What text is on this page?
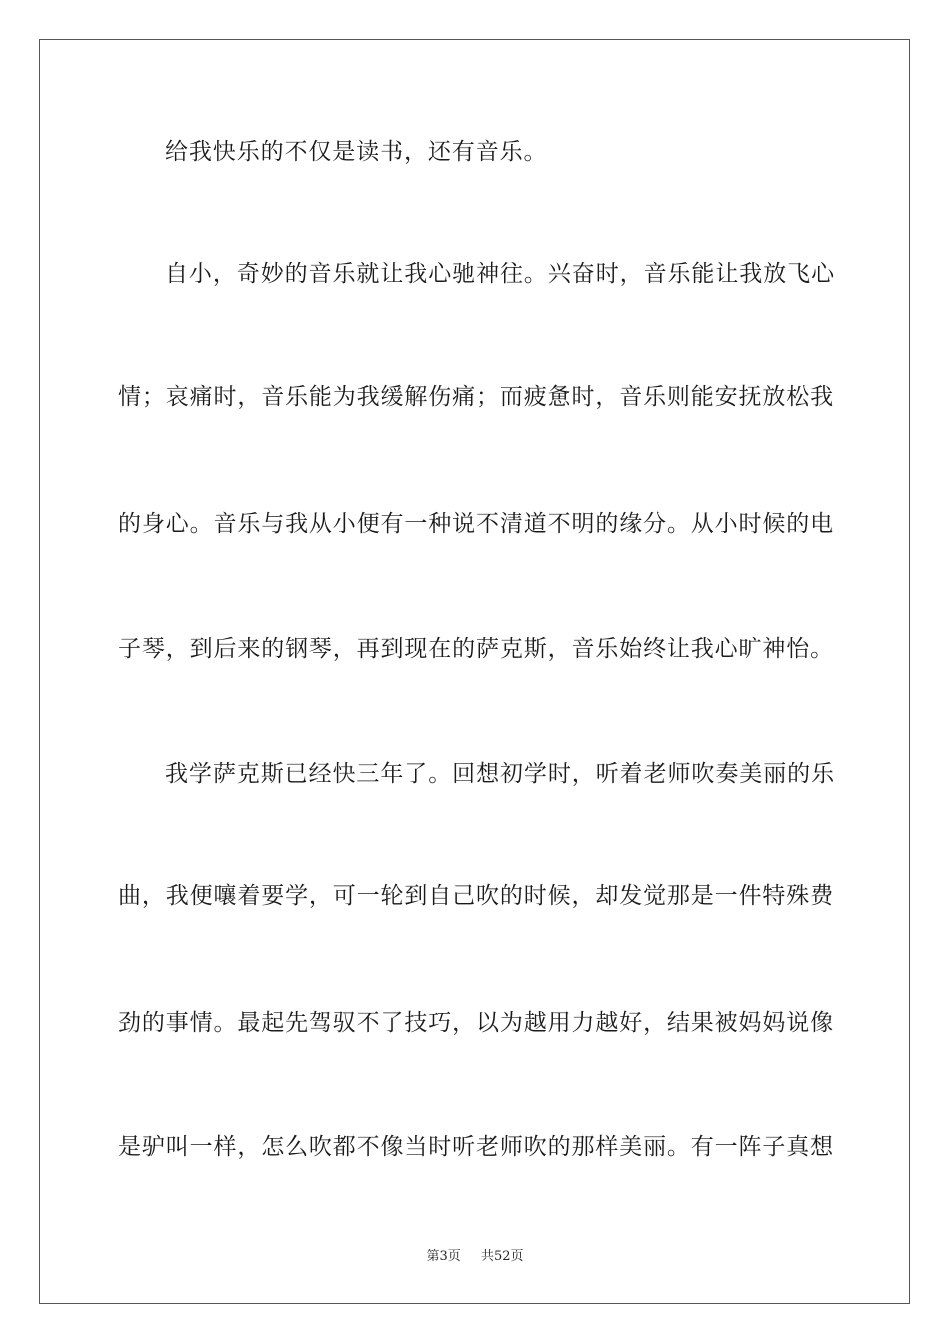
给我快乐的不仅是读书，还有音乐。
自小，奇妙的音乐就让我心驰神往。兴奋时，音乐能让我放飞心
情；哀痛时，音乐能为我缓解伤痛；而疲惫时，音乐则能安抚放松我
的身心。音乐与我从小便有一种说不清道不明的缘分。从小时候的电
子琴，到后来的钢琴，再到现在的萨克斯，音乐始终让我心旷神怡。
我学萨克斯已经快三年了。回想初学时，听着老师吹奏美丽的乐
曲，我便嚷着要学，可一轮到自己吹的时候，却发觉那是一件特殊费
劲的事情。最起先驾驭不了技巧，以为越用力越好，结果被妈妈说像
是驴叫一样，怎么吹都不像当时听老师吹的那样美丽。有一阵子真想
第3页 共52页
